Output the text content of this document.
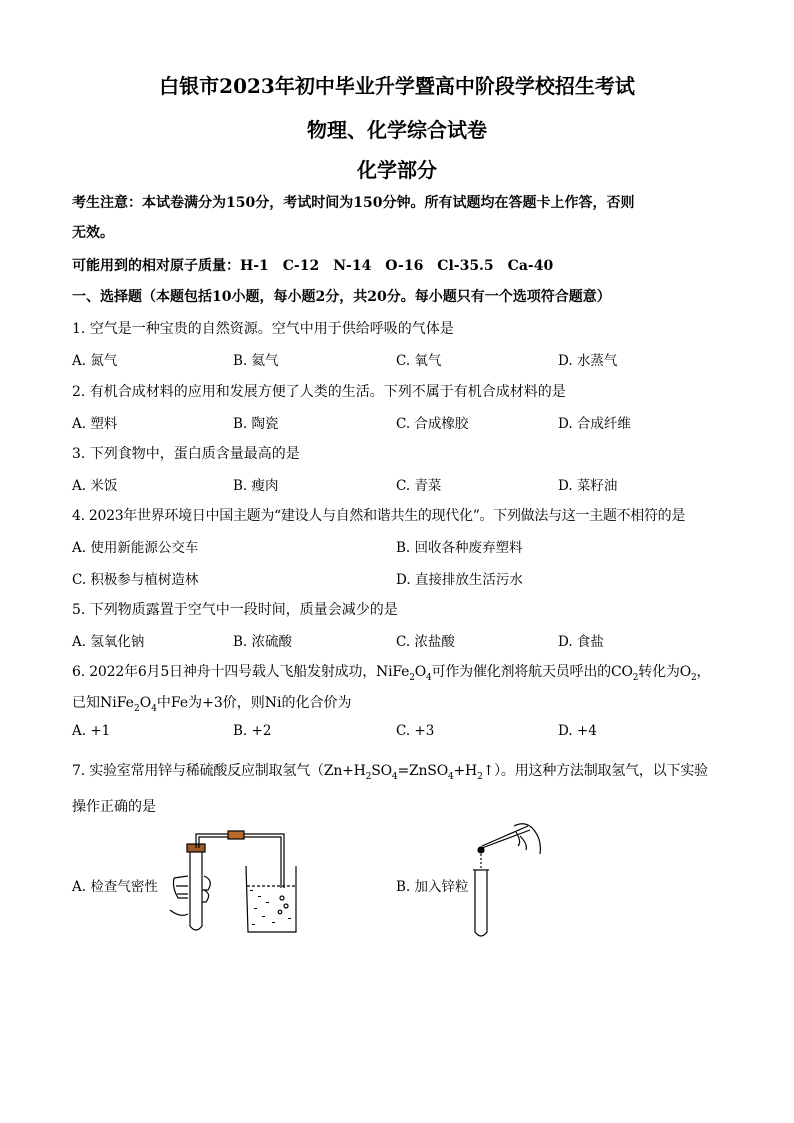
白银市2023年初中毕业升学暨高中阶段学校招生考试
物理、化学综合试卷
化学部分
考生注意：本试卷满分为150分，考试时间为150分钟。所有试题均在答题卡上作答，否则
无效。
可能用到的相对原子质量：H-1　C-12　N-14　O-16　Cl-35.5　Ca-40
一、选择题（本题包括10小题，每小题2分，共20分。每小题只有一个选项符合题意）
1. 空气是一种宝贵的自然资源。空气中用于供给呼吸的气体是
A. 氮气	B. 氦气	C. 氧气	D. 水蒸气
2. 有机合成材料的应用和发展方便了人类的生活。下列不属于有机合成材料的是
A. 塑料	B. 陶瓷	C. 合成橡胶	D. 合成纤维
3. 下列食物中，蛋白质含量最高的是
A. 米饭	B. 瘦肉	C. 青菜	D. 菜籽油
4. 2023年世界环境日中国主题为“建设人与自然和谐共生的现代化”。下列做法与这一主题不相符的是
A. 使用新能源公交车	B. 回收各种废弃塑料
C. 积极参与植树造林	D. 直接排放生活污水
5. 下列物质露置于空气中一段时间，质量会减少的是
A. 氢氧化钠	B. 浓硫酸	C. 浓盐酸	D. 食盐
6. 2022年6月5日神舟十四号载人飞船发射成功，$NiFe_2O_4$可作为催化剂将航天员呼出的$CO_2$转化为$O_2$，
已知$NiFe_2O_4$中Fe为+3价，则Ni的化合价为
A. +1	B. +2	C. +3	D. +4
7. 实验室常用锌与稀硫酸反应制取氢气$(Zn+H_2SO_4=ZnSO_4+H_2↑)$。用这种方法制取氢气，以下实验
操作正确的是
A. 检查气密性	B. 加入锌粒
